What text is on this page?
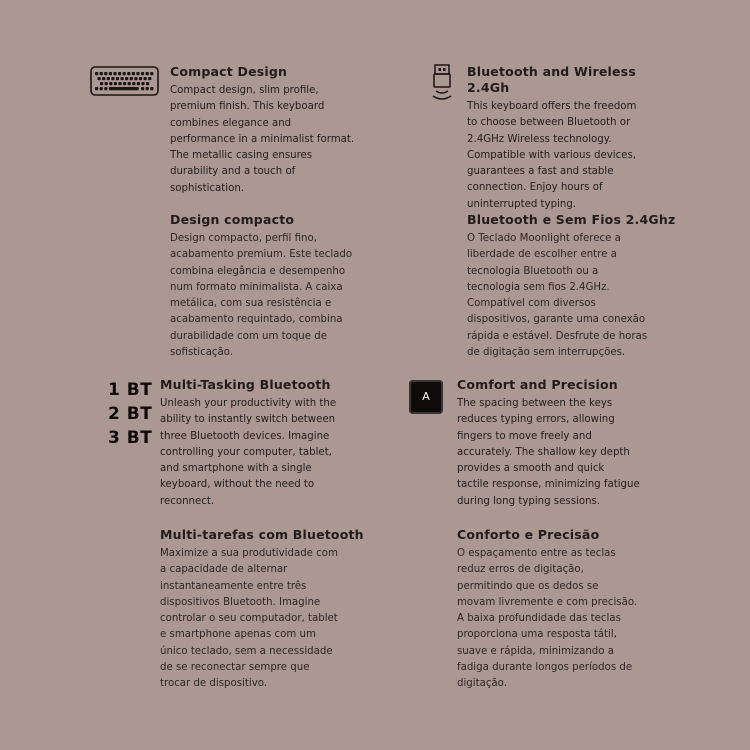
Compact Design
Compact design, slim profile,
premium finish. This keyboard
combines elegance and
performance in a minimalist format.
The metallic casing ensures
durability and a touch of
sophistication.
Design compacto
Design compacto, perfil fino,
acabamento premium. Este teclado
combina elegância e desempenho
num formato minimalista. A caixa
metálica, com sua resistência e
acabamento requintado, combina
durabilidade com um toque de
sofisticação.
Bluetooth and Wireless 2.4Gh
This keyboard offers the freedom
to choose between Bluetooth or
2.4GHz Wireless technology.
Compatible with various devices,
guarantees a fast and stable
connection. Enjoy hours of
uninterrupted typing.
Bluetooth e Sem Fios 2.4Ghz
O Teclado Moonlight oferece a
liberdade de escolher entre a
tecnologia Bluetooth ou a
tecnologia sem fios 2.4GHz.
Compatível com diversos
dispositivos, garante uma conexão
rápida e estável. Desfrute de horas
de digitação sem interrupções.
1 BT
2 BT
3 BT
Multi-Tasking Bluetooth
Unleash your productivity with the
ability to instantly switch between
three Bluetooth devices. Imagine
controlling your computer, tablet,
and smartphone with a single
keyboard, without the need to
reconnect.
Multi-tarefas com Bluetooth
Maximize a sua produtividade com
a capacidade de alternar
instantaneamente entre três
dispositivos Bluetooth. Imagine
controlar o seu computador, tablet
e smartphone apenas com um
único teclado, sem a necessidade
de se reconectar sempre que
trocar de dispositivo.
A
Comfort and Precision
The spacing between the keys
reduces typing errors, allowing
fingers to move freely and
accurately. The shallow key depth
provides a smooth and quick
tactile response, minimizing fatigue
during long typing sessions.
Conforto e Precisão
O espaçamento entre as teclas
reduz erros de digitação,
permitindo que os dedos se
movam livremente e com precisão.
A baixa profundidade das teclas
proporciona uma resposta tátil,
suave e rápida, minimizando a
fadiga durante longos períodos de
digitação.
